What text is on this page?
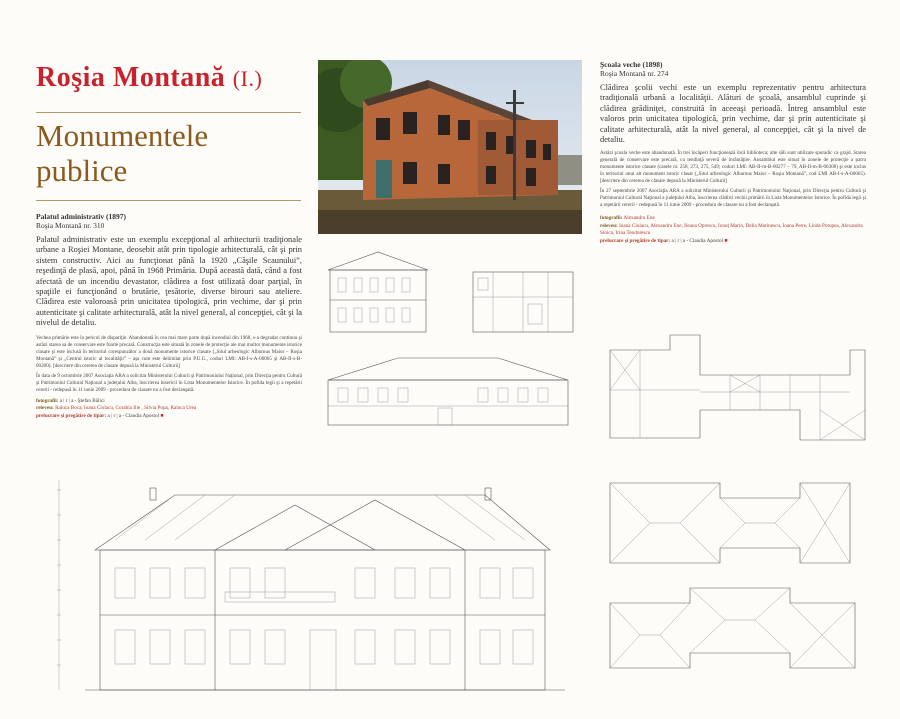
Roşia Montană (I.)
Monumentele publice
Palatul administrativ (1897)
Roşia Montană nr. 310
Palatul administrativ este un exemplu excepţional al arhitecturii tradiţionale urbane a Roşiei Montane, deosebit atât prin tipologie arhitecturală, cât şi prin sistem constructiv. Aici au funcţionat până la 1920 „Căşile Scaunului”, reşedinţă de plasă, apoi, până în 1968 Primăria. După această dată, când a fost afectată de un incendiu devastator, clădirea a fost utilizată doar parţial, în spaţiile ei funcţionând o brutărie, ţesătorie, diverse birouri sau ateliere. Clădirea este valoroasă prin unicitatea tipologică, prin vechime, dar şi prin autenticitate şi calitate arhitecturală, atât la nivel general, al concepţiei, cât şi la nivelul de detaliu.
Vechea primărie este în pericol de dispariţie. Abandonată în cea mai mare parte după incendiul din 1968, s-a degradat continuu şi astăzi starea sa de conservare este foarte precară. Construcţia este situată în zonele de protecţie ale mai multor monumente istorice clasate şi este inclusă în teritoriul corespunzător a două monumente istorice clasate („Situl arheologic Alburnus Maior – Roşia Montană” şi „Centrul istoric al localităţii” – aşa cum este delimitat prin P.U.G., coduri LMI: AB-I-s-A-00065 şi AB-II-s-B-00200). [descriere din cererea de clasare depusă la Ministerul Culturii]
În data de 9 octombrie 2007 Asociaţia ARA a solicitat Ministerului Culturii şi Patrimoniului Naţional, prin Direcţia pentru Cultură şi Patrimoniul Cultural Naţional a judeţului Alba, înscrierea bisericii în Lista Monumentelor Istorice. În pofida legii şi a repetării cererii - redepusă în 11 iunie 2009 - procedura de clasare nu a fost declanşată.
fotografii: a | r | a - Ştefan Bâlici
relevеu: Raluca Boca, Ioana Ciolacu, Corabia Ilie , Silvia Popa, Raluca Urea
prelucrare şi pregătire de tipar: a | r | a - Claudia Apostol ■
Şcoala veche (1898)
Roşia Montană nr. 274
Clădirea şcolii vechi este un exemplu reprezentativ pentru arhitectura tradiţională urbană a localităţii. Alături de şcoală, ansamblul cuprinde şi clădirea grădiniţei, construită în aceeaşi perioadă. Întreg ansamblul este valoros prin unicitatea tipologică, prin vechime, dar şi prin autenticitate şi calitate arhitecturală, atât la nivel general, al concepţiei, cât şi la nivel de detaliu.
Astăzi şcoala veche este abandonată. În trei încăperi funcţionează încă biblioteca; alte săli sunt utilizate sporadic ca grajd. Starea generală de conservare este precară, cu tendinţă severă de înrăutăţire. Ansamblul este situat în zonele de protecţie a patru monumente istorice clasate (casele nr. 258, 273, 275, 549; coduri LMI: AB-II-m-B-00277 – 79, AB-II-m-B-00308) şi este inclus în teritoriul unui alt monument istoric clasat („Situl arheologic Alburnus Maior – Roşia Montană”, cod LMI AB-I-s-A-00065). [descriere din cererea de clasare depusă la Ministerul Culturii]
În 27 septembrie 2007 Asociaţia ARA a solicitat Ministerului Culturii şi Patrimoniului Naţional, prin Direcţia pentru Cultură şi Patrimoniul Cultural Naţional a judeţului Alba, înscrierea clădirii vechii primării în Lista Monumentelor Istorice. În pofida legii şi a repetării cererii - redepusă în 11 iunie 2009 - procedura de clasare nu a fost declanşată.
fotografii: Alexandru Ene
relevеu: Ioana Ciolacu, Alexandru Ene, Ileana Oprescu, Ionuţ Marin, Delia Marinescu, Ioana Petre, Linda Potopea, Alexandra Stoica, Irina Teodorescu
prelucrare şi pregătire de tipar: a | r | a - Claudia Apostol ■
